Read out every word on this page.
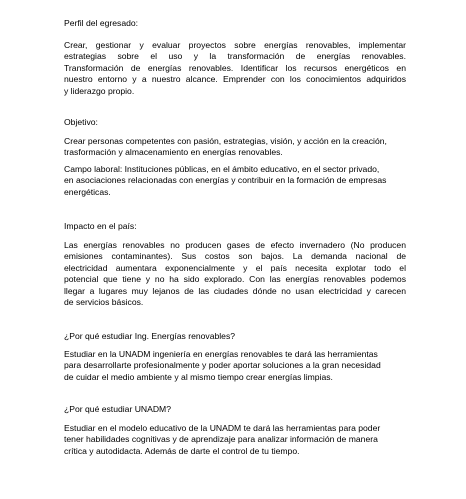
Perfil del egresado:

Crear, gestionar y evaluar proyectos sobre energías renovables, implementar
estrategias sobre el uso y la transformación de energías renovables.
Transformación de energías renovables. Identificar los recursos energéticos en
nuestro entorno y a nuestro alcance. Emprender con los conocimientos adquiridos
y liderazgo propio.

Objetivo:

Crear personas competentes con pasión, estrategias, visión, y acción en la creación,
trasformación y almacenamiento en energías renovables.
Campo laboral: Instituciones públicas, en el ámbito educativo, en el sector privado,
en asociaciones relacionadas con energías y contribuir en la formación de empresas
energéticas.

Impacto en el país:

Las energías renovables no producen gases de efecto invernadero (No producen
emisiones contaminantes). Sus costos son bajos. La demanda nacional de
electricidad aumentara exponencialmente y el país necesita explotar todo el
potencial que tiene y no ha sido explorado. Con las energías renovables podemos
llegar a lugares muy lejanos de las ciudades dónde no usan electricidad y carecen
de servicios básicos.

¿Por qué estudiar Ing. Energías renovables?

Estudiar en la UNADM ingeniería en energías renovables te dará las herramientas
para desarrollarte profesionalmente y poder aportar soluciones a la gran necesidad
de cuidar el medio ambiente y al mismo tiempo crear energías limpias.

¿Por qué estudiar UNADM?

Estudiar en el modelo educativo de la UNADM te dará las herramientas para poder
tener habilidades cognitivas y de aprendizaje para analizar información de manera
crítica y autodidacta. Además de darte el control de tu tiempo.
